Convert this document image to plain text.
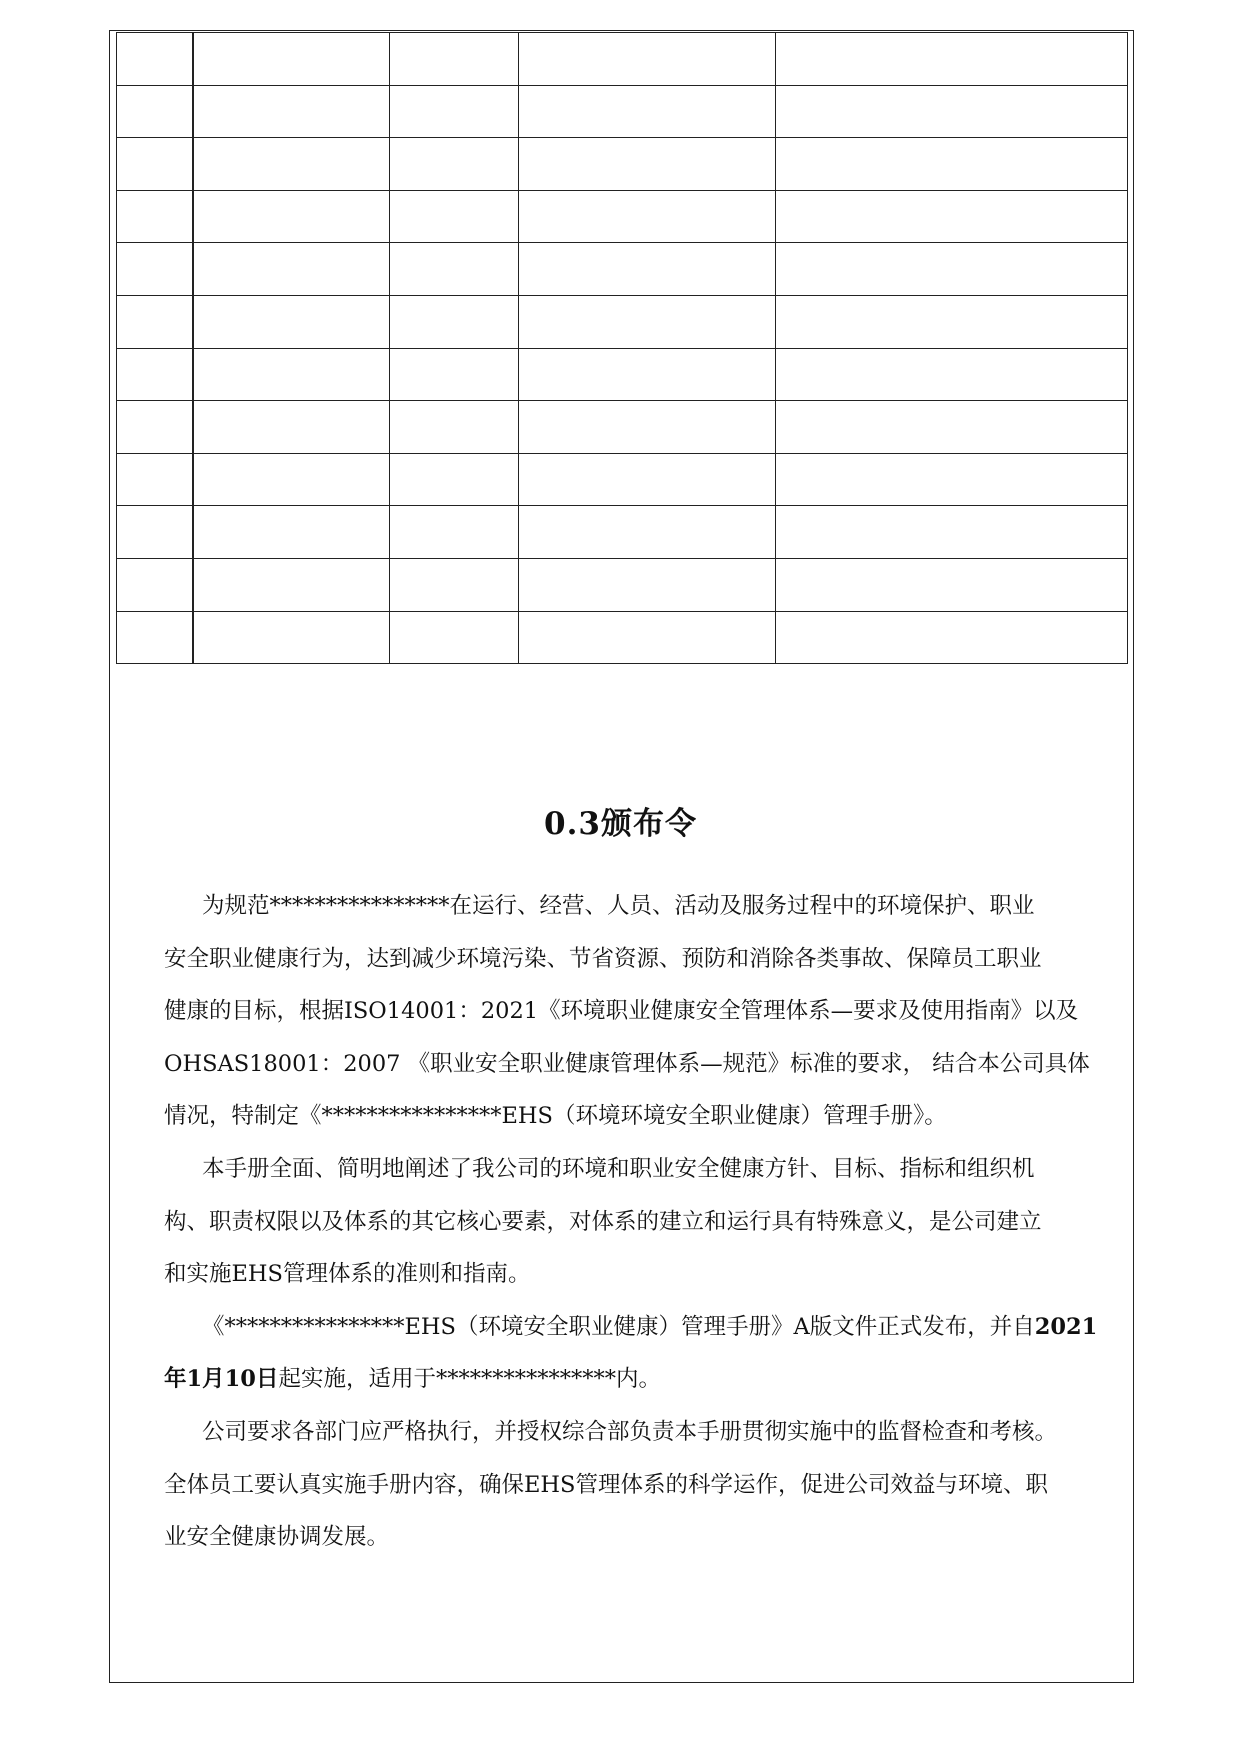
0.3颁布令
为规范****************在运行、经营、人员、活动及服务过程中的环境保护、职业
安全职业健康行为，达到减少环境污染、节省资源、预防和消除各类事故、保障员工职业
健康的目标，根据ISO14001：2021《环境职业健康安全管理体系—要求及使用指南》以及
OHSAS18001：2007 《职业安全职业健康管理体系—规范》标准的要求， 结合本公司具体
情况，特制定《****************EHS（环境环境安全职业健康）管理手册》。
本手册全面、简明地阐述了我公司的环境和职业安全健康方针、目标、指标和组织机
构、职责权限以及体系的其它核心要素，对体系的建立和运行具有特殊意义，是公司建立
和实施EHS管理体系的准则和指南。
《****************EHS（环境安全职业健康）管理手册》A版文件正式发布，并自2021
年1月10日起实施，适用于****************内。
公司要求各部门应严格执行，并授权综合部负责本手册贯彻实施中的监督检查和考核。
全体员工要认真实施手册内容，确保EHS管理体系的科学运作，促进公司效益与环境、职
业安全健康协调发展。
